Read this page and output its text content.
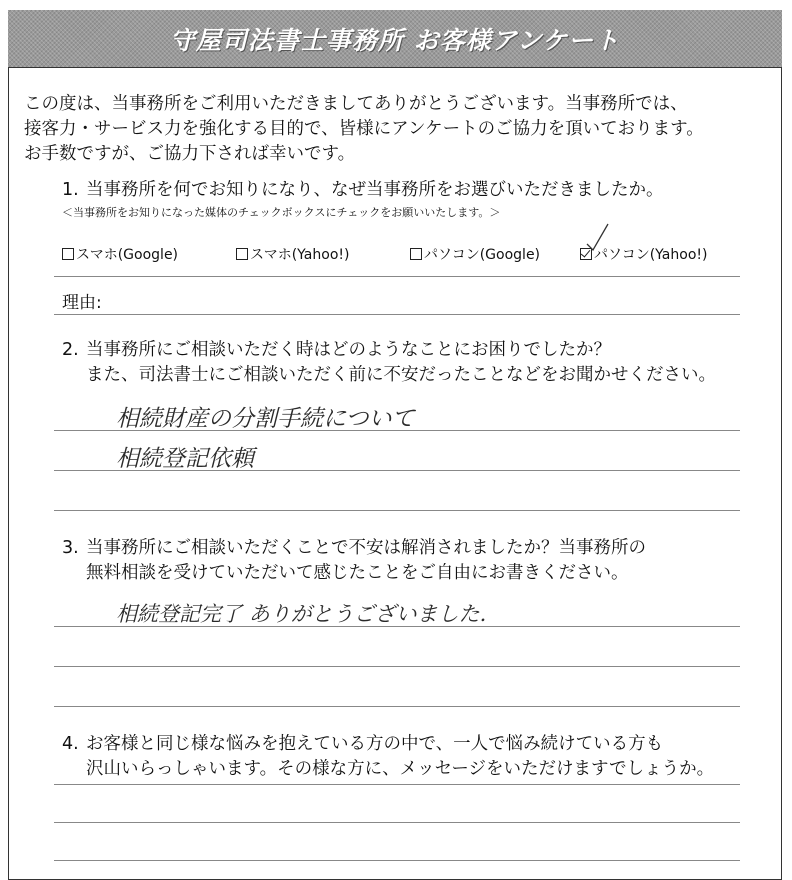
守屋司法書士事務所 お客様アンケート
この度は、当事務所をご利用いただきましてありがとうございます。当事務所では、
接客力・サービス力を強化する目的で、皆様にアンケートのご協力を頂いております。
お手数ですが、ご協力下されば幸いです。
1. 当事務所を何でお知りになり、なぜ当事務所をお選びいただきましたか。
＜当事務所をお知りになった媒体のチェックボックスにチェックをお願いいたします。＞
スマホ(Google)	スマホ(Yahoo!)	パソコン(Google)	パソコン(Yahoo!)
理由:
2. 当事務所にご相談いただく時はどのようなことにお困りでしたか？
また、司法書士にご相談いただく前に不安だったことなどをお聞かせください。
相続財産の分割手続について
相続登記依頼
3. 当事務所にご相談いただくことで不安は解消されましたか？当事務所の
無料相談を受けていただいて感じたことをご自由にお書きください。
相続登記完了 ありがとうございました.
4. お客様と同じ様な悩みを抱えている方の中で、一人で悩み続けている方も
沢山いらっしゃいます。その様な方に、メッセージをいただけますでしょうか。
